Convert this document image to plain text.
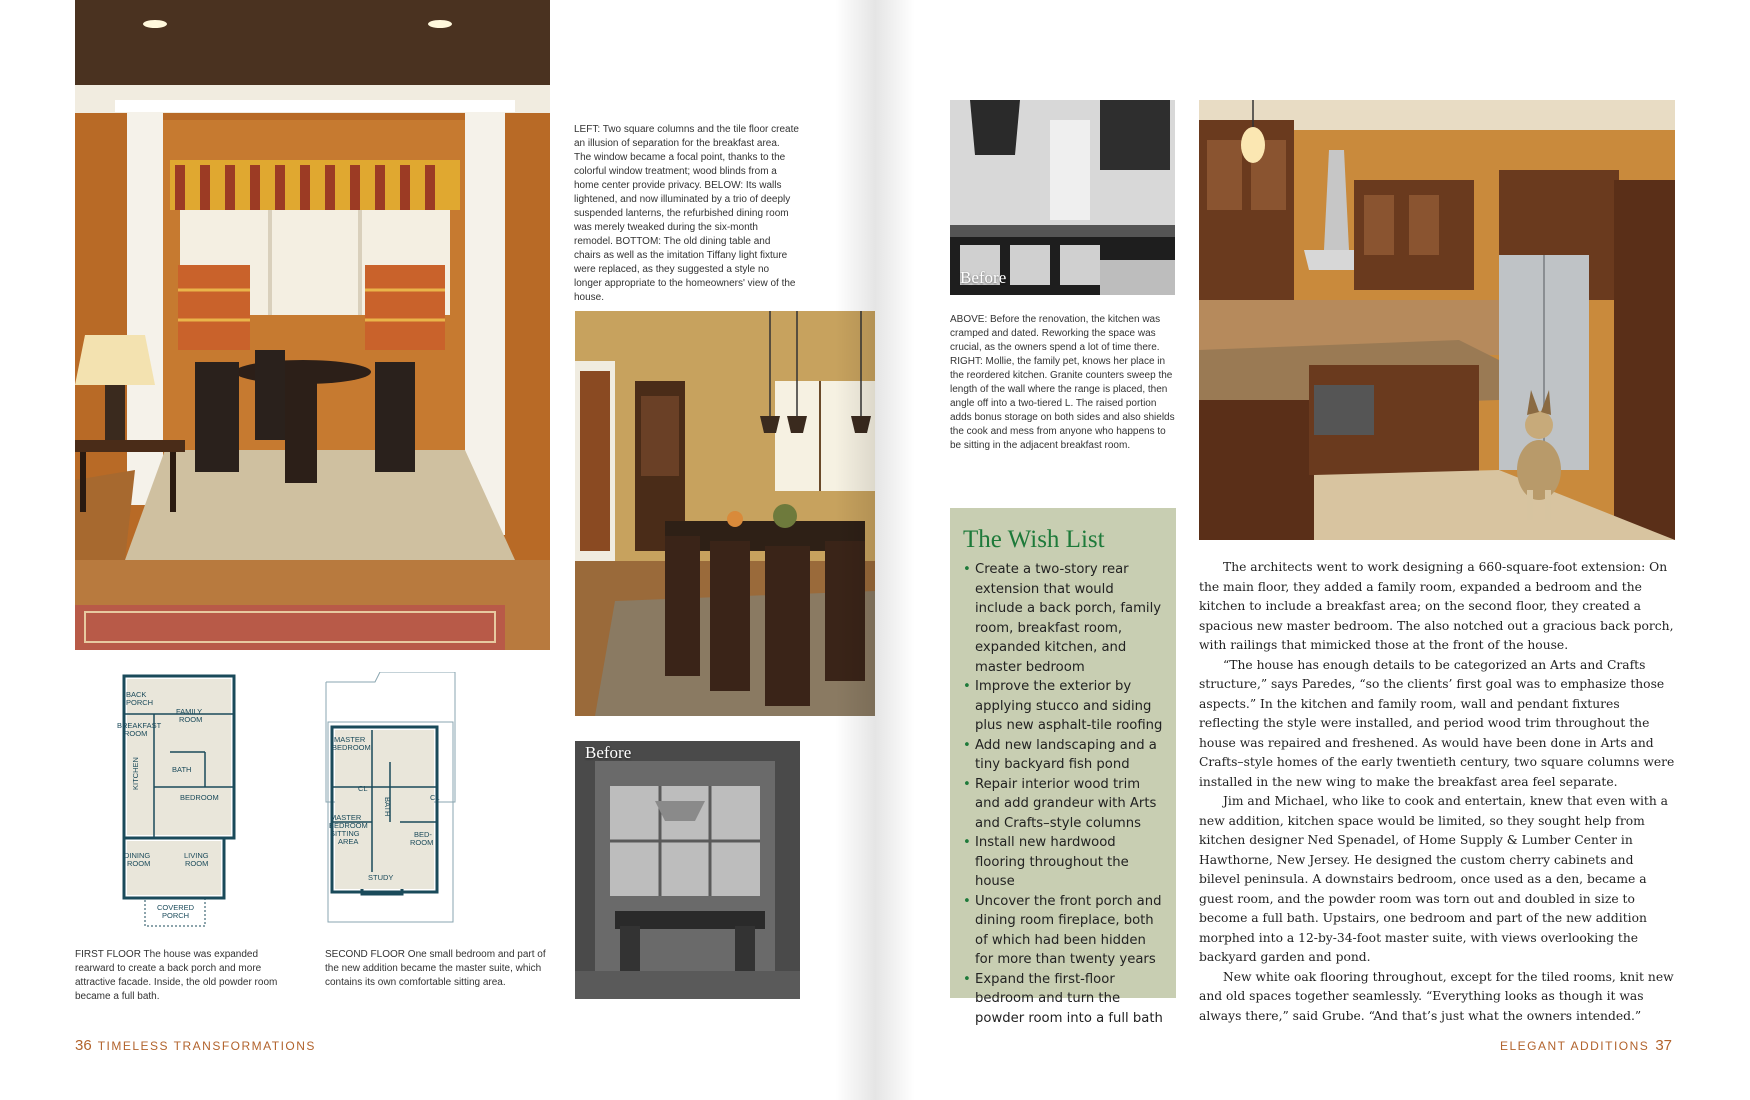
LEFT: Two square columns and the tile floor create an illusion of separation for the breakfast area. The window became a focal point, thanks to the colorful window treatment; wood blinds from a home center provide privacy. BELOW: Its walls lightened, and now illuminated by a trio of deeply suspended lanterns, the refurbished dining room was merely tweaked during the six-month remodel. BOTTOM: The old dining table and chairs as well as the imitation Tiffany light fixture were replaced, as they suggested a style no longer appropriate to the homeowners' view of the house.

Before
BACK
PORCH
FAMILY
ROOM
BREAKFAST
ROOM
KITCHEN	BATH
BEDROOM
DINING
ROOM
LIVING
ROOM
COVERED
PORCH
MASTER
BEDROOM
CL
BATH	CL
MASTER
BEDROOM
SITTING
AREA
BED-
ROOM
STUDY

FIRST FLOOR The house was expanded rearward to create a back porch and more attractive facade. Inside, the old powder room became a full bath.

SECOND FLOOR One small bedroom and part of the new addition became the master suite, which contains its own comfortable sitting area.

36 TIMELESS TRANSFORMATIONS
Before

ABOVE: Before the renovation, the kitchen was cramped and dated. Reworking the space was crucial, as the owners spend a lot of time there. RIGHT: Mollie, the family pet, knows her place in the reordered kitchen. Granite counters sweep the length of the wall where the range is placed, then angle off into a two-tiered L. The raised portion adds bonus storage on both sides and also shields the cook and mess from anyone who happens to be sitting in the adjacent breakfast room.

The Wish List
• Create a two-story rear extension that would include a back porch, family room, breakfast room, expanded kitchen, and master bedroom
• Improve the exterior by applying stucco and siding plus new asphalt-tile roofing
• Add new landscaping and a tiny backyard fish pond
• Repair interior wood trim and add grandeur with Arts and Crafts–style columns
• Install new hardwood flooring throughout the house
• Uncover the front porch and dining room fireplace, both of which had been hidden for more than twenty years
• Expand the first-floor bedroom and turn the powder room into a full bath

The architects went to work designing a 660-square-foot extension: On the main floor, they added a family room, expanded a bedroom and the kitchen to include a breakfast area; on the second floor, they created a spacious new master bedroom. The also notched out a gracious back porch, with railings that mimicked those at the front of the house.

“The house has enough details to be categorized an Arts and Crafts structure,” says Paredes, “so the clients’ first goal was to emphasize those aspects.” In the kitchen and family room, wall and pendant fixtures reflecting the style were installed, and period wood trim throughout the house was repaired and freshened. As would have been done in Arts and Crafts–style homes of the early twentieth century, two square columns were installed in the new wing to make the breakfast area feel separate.

Jim and Michael, who like to cook and entertain, knew that even with a new addition, kitchen space would be limited, so they sought help from kitchen designer Ned Spenadel, of Home Supply & Lumber Center in Hawthorne, New Jersey. He designed the custom cherry cabinets and bilevel peninsula. A downstairs bedroom, once used as a den, became a guest room, and the powder room was torn out and doubled in size to become a full bath. Upstairs, one bedroom and part of the new addition morphed into a 12-by-34-foot master suite, with views overlooking the backyard garden and pond.

New white oak flooring throughout, except for the tiled rooms, knit new and old spaces together seamlessly. “Everything looks as though it was always there,” said Grube. “And that’s just what the owners intended.”

ELEGANT ADDITIONS 37
